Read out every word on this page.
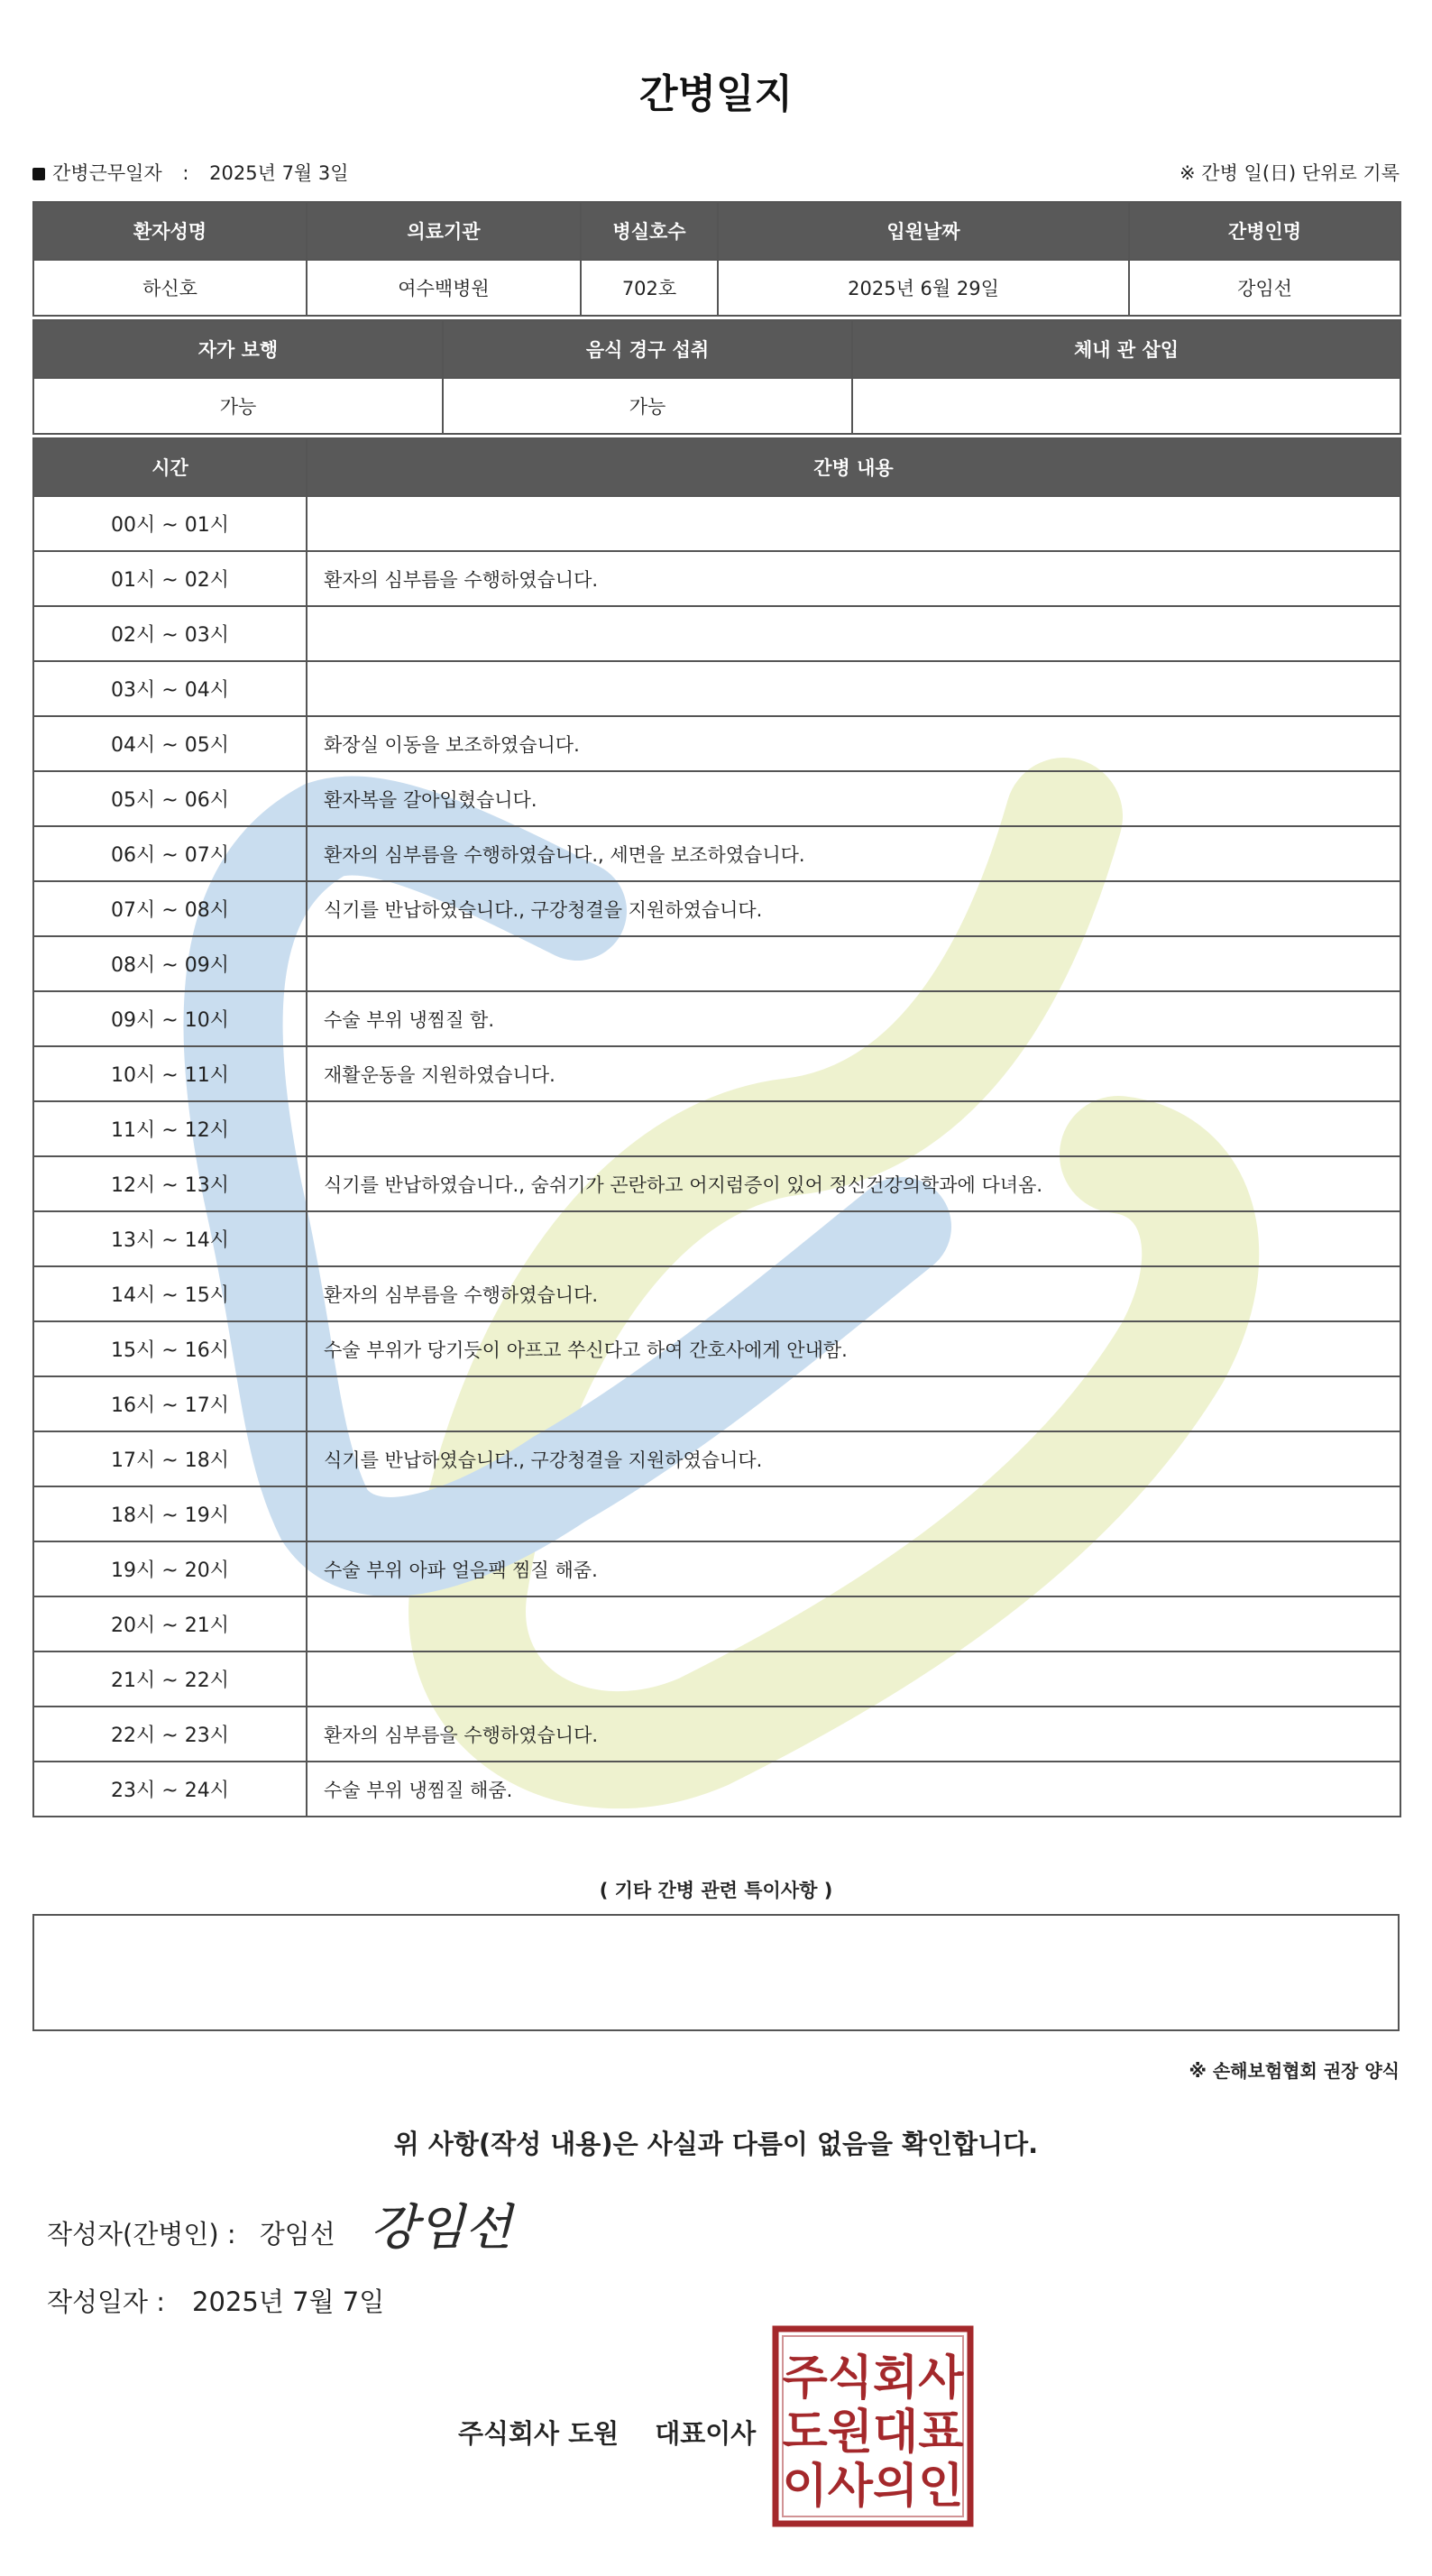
간병일지
간병근무일자 : 2025년 7월 3일	※ 간병 일(日) 단위로 기록
환자성명	의료기관	병실호수	입원날짜	간병인명
하신호	여수백병원	702호	2025년 6월 29일	강임선
자가 보행	음식 경구 섭취	체내 관 삽입
가능	가능	
시간	간병 내용
00시 ~ 01시	
01시 ~ 02시	환자의 심부름을 수행하였습니다.
02시 ~ 03시	
03시 ~ 04시	
04시 ~ 05시	화장실 이동을 보조하였습니다.
05시 ~ 06시	환자복을 갈아입혔습니다.
06시 ~ 07시	환자의 심부름을 수행하였습니다., 세면을 보조하였습니다.
07시 ~ 08시	식기를 반납하였습니다., 구강청결을 지원하였습니다.
08시 ~ 09시	
09시 ~ 10시	수술 부위 냉찜질 함.
10시 ~ 11시	재활운동을 지원하였습니다.
11시 ~ 12시	
12시 ~ 13시	식기를 반납하였습니다., 숨쉬기가 곤란하고 어지럼증이 있어 정신건강의학과에 다녀옴.
13시 ~ 14시	
14시 ~ 15시	환자의 심부름을 수행하였습니다.
15시 ~ 16시	수술 부위가 당기듯이 아프고 쑤신다고 하여 간호사에게 안내함.
16시 ~ 17시	
17시 ~ 18시	식기를 반납하였습니다., 구강청결을 지원하였습니다.
18시 ~ 19시	
19시 ~ 20시	수술 부위 아파 얼음팩 찜질 해줌.
20시 ~ 21시	
21시 ~ 22시	
22시 ~ 23시	환자의 심부름을 수행하였습니다.
23시 ~ 24시	수술 부위 냉찜질 해줌.
( 기타 간병 관련 특이사항 )
※ 손해보험협회 권장 양식
위 사항(작성 내용)은 사실과 다름이 없음을 확인합니다.
작성자(간병인) : 강임선 강임선
작성일자 : 2025년 7월 7일
주식회사 도원 대표이사
주식회사
도원대표
이사의인
